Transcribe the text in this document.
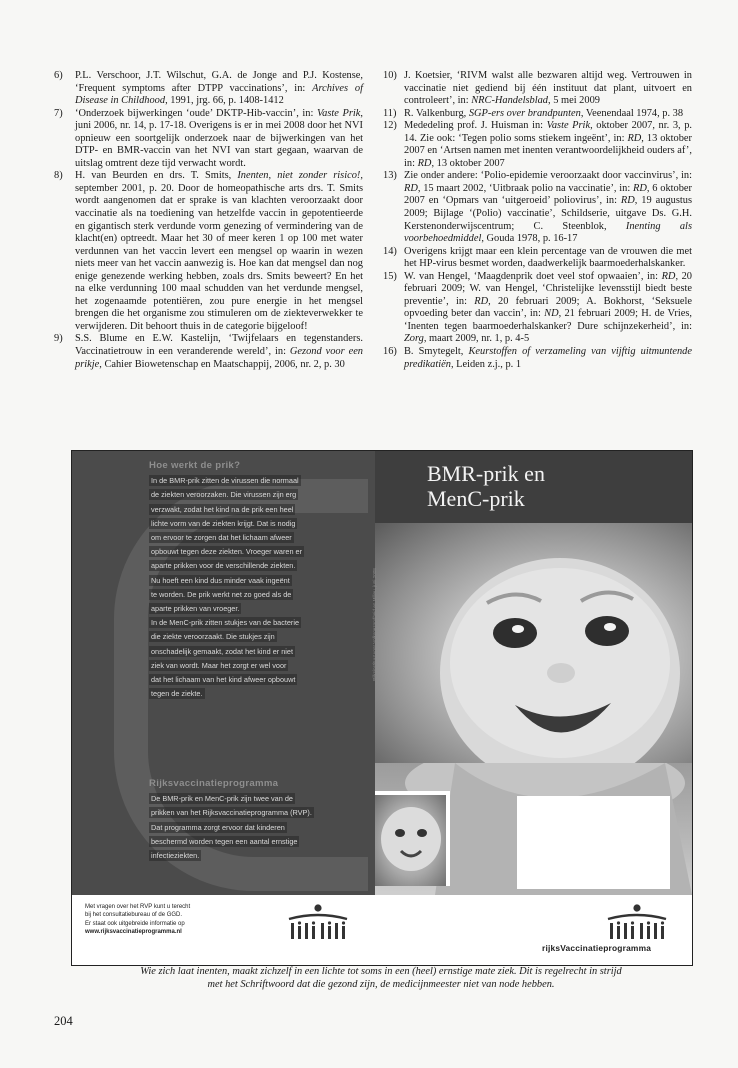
6)	P.L. Verschoor, J.T. Wilschut, G.A. de Jonge and P.J. Kostense, ‘Frequent symptoms after DTPP vaccinations’, in: Archives of Disease in Childhood, 1991, jrg. 66, p. 1408-1412
7)	‘Onderzoek bijwerkingen ‘oude’ DKTP-Hib-vaccin’, in: Vaste Prik, juni 2006, nr. 14, p. 17-18. Overigens is er in mei 2008 door het NVI opnieuw een soortgelijk onderzoek naar de bijwerkingen van het DTP- en BMR-vaccin van het NVI van start gegaan, waarvan de uitslag omtrent deze tijd verwacht wordt.
8)	H. van Beurden en drs. T. Smits, Inenten, niet zonder risico!, september 2001, p. 20. Door de homeopathische arts drs. T. Smits wordt aangenomen dat er sprake is van klachten veroorzaakt door vaccinatie als na toediening van hetzelfde vaccin in gepotentieerde en gigantisch sterk verdunde vorm genezing of vermindering van de klacht(en) optreedt. Maar het 30 of meer keren 1 op 100 met water verdunnen van het vaccin levert een mengsel op waarin in wezen niets meer van het vaccin aanwezig is. Hoe kan dat mengsel dan nog enige genezende werking hebben, zoals drs. Smits beweert? En het na elke verdunning 100 maal schudden van het verdunde mengsel, het zogenaamde potentiëren, zou pure energie in het mengsel brengen die het organisme zou stimuleren om de ziekteverwekker te verwijderen. Dit behoort thuis in de categorie bijgeloof!
9)	S.S. Blume en E.W. Kastelijn, ‘Twijfelaars en tegenstanders. Vaccinatietrouw in een veranderende wereld’, in: Gezond voor een prikje, Cahier Biowetenschap en Maatschappij, 2006, nr. 2, p. 30
10) J. Koetsier, ‘RIVM walst alle bezwaren altijd weg. Vertrouwen in vaccinatie niet gediend bij één instituut dat plant, uitvoert en controleert’, in: NRC-Handelsblad, 5 mei 2009
11) R. Valkenburg, SGP-ers over brandpunten, Veenendaal 1974, p. 38
12) Mededeling prof. J. Huisman in: Vaste Prik, oktober 2007, nr. 3, p. 14. Zie ook: ‘Tegen polio soms stiekem ingeënt’, in: RD, 13 oktober 2007 en ‘Artsen namen met inenten verantwoordelijkheid ouders af’, in: RD, 13 oktober 2007
13) Zie onder andere: ‘Polio-epidemie veroorzaakt door vaccinvirus’, in: RD, 15 maart 2002, ‘Uitbraak polio na vaccinatie’, in: RD, 6 oktober 2007 en ‘Opmars van ‘uitgeroeid’ poliovirus’, in: RD, 19 augustus 2009; Bijlage ‘(Polio) vaccinatie’, Schildserie, uitgave Ds. G.H. Kerstenonderwijscentrum; C. Steenblok, Inenting als voorbehoedmiddel, Gouda 1978, p. 16-17
14) Overigens krijgt maar een klein percentage van de vrouwen die met het HP-virus besmet worden, daadwerkelijk baarmoederhalskanker.
15) W. van Hengel, ‘Maagdenprik doet veel stof opwaaien’, in: RD, 20 februari 2009; W. van Hengel, ‘Christelijke levensstijl biedt beste preventie’, in: RD, 20 februari 2009; A. Bokhorst, ‘Seksuele opvoeding beter dan vaccin’, in: ND, 21 februari 2009; H. de Vries, ‘Inenten tegen baarmoederhalskanker? Dure schijnzekerheid’, in: Zorg, maart 2009, nr. 1, p. 4-5
16) B. Smytegelt, Keurstoffen of verzameling van vijftig uitmuntende predikatiën, Leiden z.j., p. 1
Hoe werkt de prik?
In de BMR-prik zitten de virussen die normaal
de ziekten veroorzaken. Die virussen zijn erg
verzwakt, zodat het kind na de prik een heel
lichte vorm van de ziekten krijgt. Dat is nodig
om ervoor te zorgen dat het lichaam afweer
opbouwt tegen deze ziekten. Vroeger waren er
aparte prikken voor de verschillende ziekten.
Nu hoeft een kind dus minder vaak ingeënt
te worden. De prik werkt net zo goed als de
aparte prikken van vroeger.
In de MenC-prik zitten stukjes van de bacterie
die ziekte veroorzaakt. Die stukjes zijn
onschadelijk gemaakt, zodat het kind er niet
ziek van wordt. Maar het zorgt er wel voor
dat het lichaam van het kind afweer opbouwt
tegen de ziekte.
Rijksvaccinatieprogramma
De BMR-prik en MenC-prik zijn twee van de
prikken van het Rijksvaccinatieprogramma (RVP).
Dat programma zorgt ervoor dat kinderen
beschermd worden tegen een aantal ernstige
infectieziekten.
BMR-prik en
MenC-prik
Rijksinstituut voor Volksgezondheid en Milieu, juni 2008
Met vragen over het RVP kunt u terecht
bij het consultatiebureau of de GGD.
Er staat ook uitgebreide informatie op
www.rijksvaccinatieprogramma.nl
rijksVaccinatieprogramma
Wie zich laat inenten, maakt zichzelf in een lichte tot soms in een (heel) ernstige mate ziek. Dit is regelrecht in strijd
met het Schriftwoord dat die gezond zijn, de medicijnmeester niet van node hebben.
204
